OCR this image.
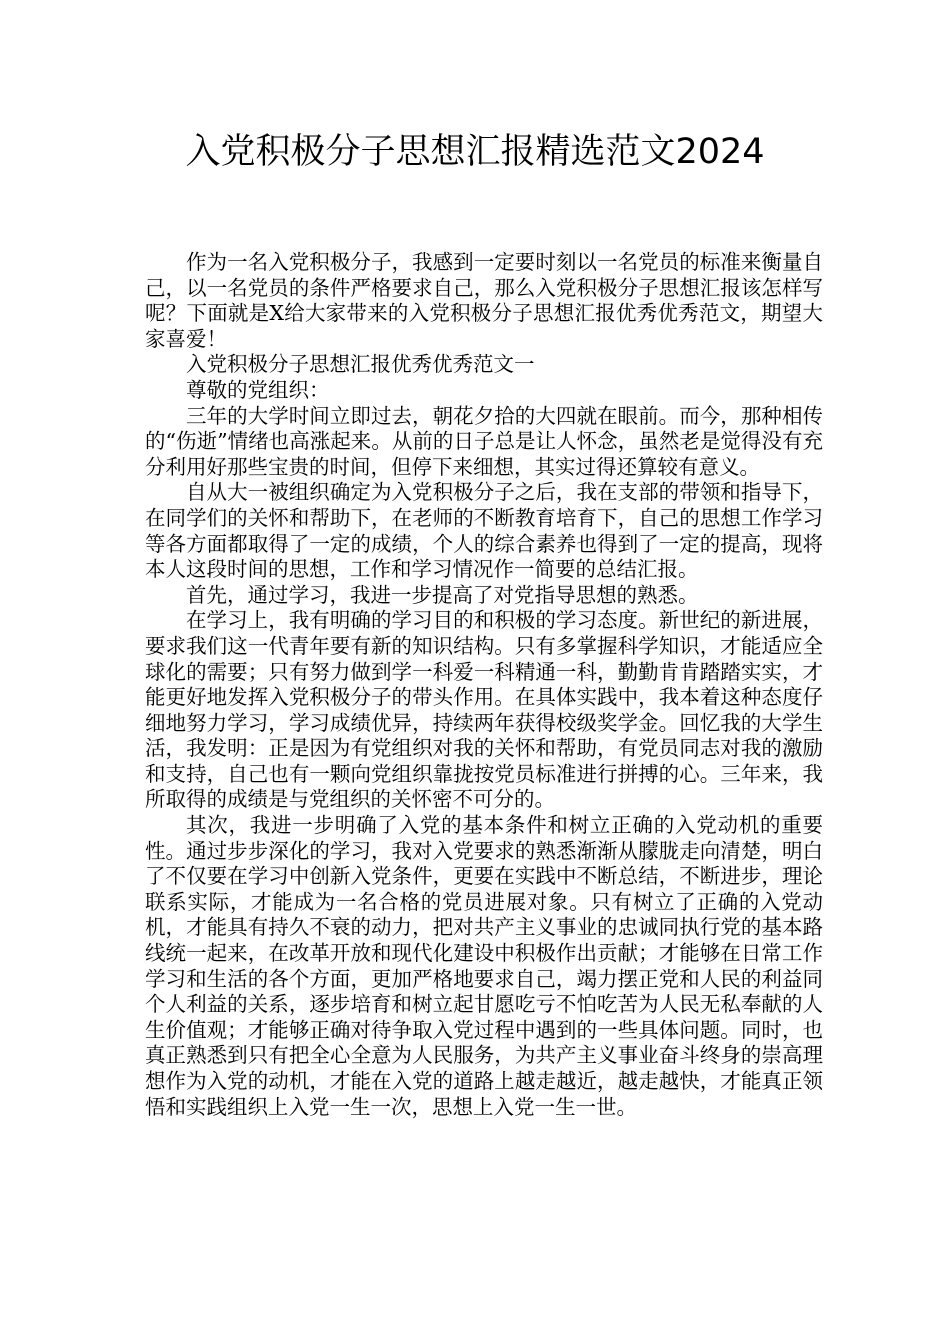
入党积极分子思想汇报精选范文2024

作为一名入党积极分子，我感到一定要时刻以一名党员的标准来衡量自己，以一名党员的条件严格要求自己，那么入党积极分子思想汇报该怎样写呢？下面就是X给大家带来的入党积极分子思想汇报优秀优秀范文，期望大家喜爱！

入党积极分子思想汇报优秀优秀范文一

尊敬的党组织：

三年的大学时间立即过去，朝花夕拾的大四就在眼前。而今，那种相传的“伤逝”情绪也高涨起来。从前的日子总是让人怀念，虽然老是觉得没有充分利用好那些宝贵的时间，但停下来细想，其实过得还算较有意义。

自从大一被组织确定为入党积极分子之后，我在支部的带领和指导下，在同学们的关怀和帮助下，在老师的不断教育培育下，自己的思想工作学习等各方面都取得了一定的成绩，个人的综合素养也得到了一定的提高，现将本人这段时间的思想，工作和学习情况作一简要的总结汇报。

首先，通过学习，我进一步提高了对党指导思想的熟悉。

在学习上，我有明确的学习目的和积极的学习态度。新世纪的新进展，要求我们这一代青年要有新的知识结构。只有多掌握科学知识，才能适应全球化的需要；只有努力做到学一科爱一科精通一科，勤勤肯肯踏踏实实，才能更好地发挥入党积极分子的带头作用。在具体实践中，我本着这种态度仔细地努力学习，学习成绩优异，持续两年获得校级奖学金。回忆我的大学生活，我发明：正是因为有党组织对我的关怀和帮助，有党员同志对我的激励和支持，自己也有一颗向党组织靠拢按党员标准进行拼搏的心。三年来，我所取得的成绩是与党组织的关怀密不可分的。

其次，我进一步明确了入党的基本条件和树立正确的入党动机的重要性。通过步步深化的学习，我对入党要求的熟悉渐渐从朦胧走向清楚，明白了不仅要在学习中创新入党条件，更要在实践中不断总结，不断进步，理论联系实际，才能成为一名合格的党员进展对象。只有树立了正确的入党动机，才能具有持久不衰的动力，把对共产主义事业的忠诚同执行党的基本路线统一起来，在改革开放和现代化建设中积极作出贡献；才能够在日常工作学习和生活的各个方面，更加严格地要求自己，竭力摆正党和人民的利益同个人利益的关系，逐步培育和树立起甘愿吃亏不怕吃苦为人民无私奉献的人生价值观；才能够正确对待争取入党过程中遇到的一些具体问题。同时，也真正熟悉到只有把全心全意为人民服务，为共产主义事业奋斗终身的崇高理想作为入党的动机，才能在入党的道路上越走越近，越走越快，才能真正领悟和实践组织上入党一生一次，思想上入党一生一世。
